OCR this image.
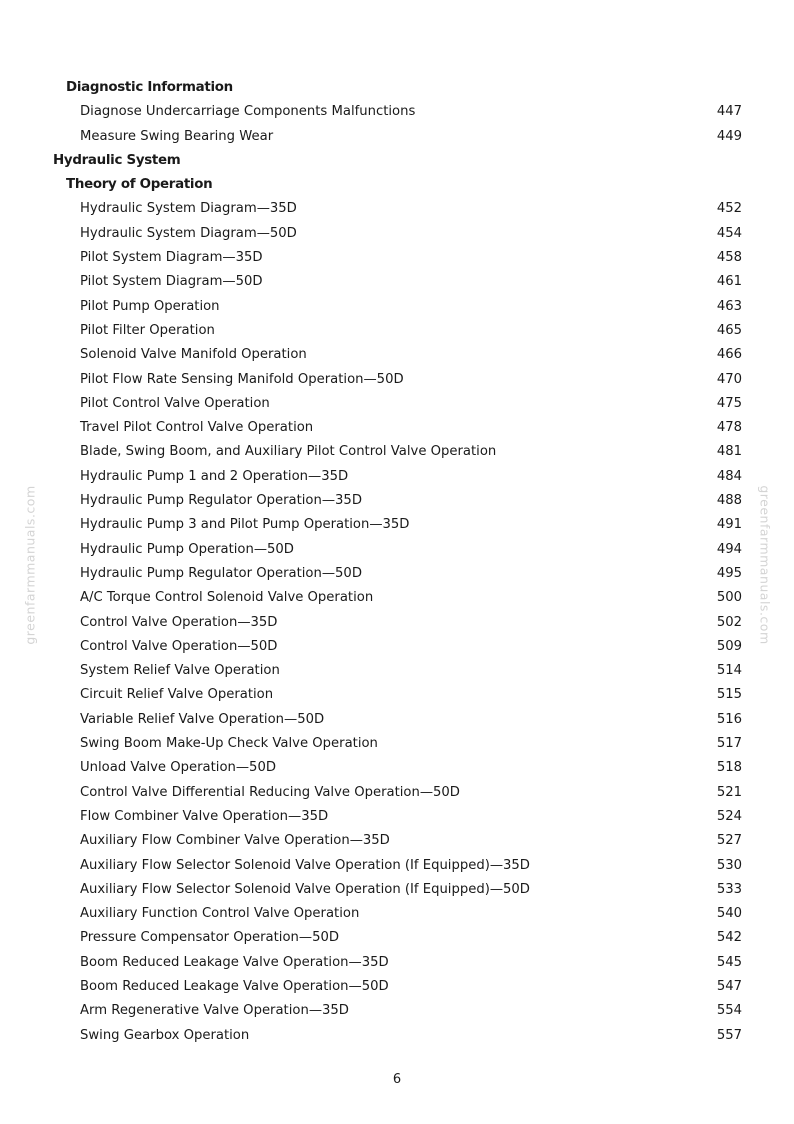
greenfarmmanuals.com	greenfarmmanuals.com
Diagnostic Information
Diagnose Undercarriage Components Malfunctions	447
Measure Swing Bearing Wear	449
Hydraulic System
Theory of Operation
Hydraulic System Diagram—35D	452
Hydraulic System Diagram—50D	454
Pilot System Diagram—35D	458
Pilot System Diagram—50D	461
Pilot Pump Operation	463
Pilot Filter Operation	465
Solenoid Valve Manifold Operation	466
Pilot Flow Rate Sensing Manifold Operation—50D	470
Pilot Control Valve Operation	475
Travel Pilot Control Valve Operation	478
Blade, Swing Boom, and Auxiliary Pilot Control Valve Operation	481
Hydraulic Pump 1 and 2 Operation—35D	484
Hydraulic Pump Regulator Operation—35D	488
Hydraulic Pump 3 and Pilot Pump Operation—35D	491
Hydraulic Pump Operation—50D	494
Hydraulic Pump Regulator Operation—50D	495
A/C Torque Control Solenoid Valve Operation	500
Control Valve Operation—35D	502
Control Valve Operation—50D	509
System Relief Valve Operation	514
Circuit Relief Valve Operation	515
Variable Relief Valve Operation—50D	516
Swing Boom Make-Up Check Valve Operation	517
Unload Valve Operation—50D	518
Control Valve Differential Reducing Valve Operation—50D	521
Flow Combiner Valve Operation—35D	524
Auxiliary Flow Combiner Valve Operation—35D	527
Auxiliary Flow Selector Solenoid Valve Operation (If Equipped)—35D	530
Auxiliary Flow Selector Solenoid Valve Operation (If Equipped)—50D	533
Auxiliary Function Control Valve Operation	540
Pressure Compensator Operation—50D	542
Boom Reduced Leakage Valve Operation—35D	545
Boom Reduced Leakage Valve Operation—50D	547
Arm Regenerative Valve Operation—35D	554
Swing Gearbox Operation	557
6
